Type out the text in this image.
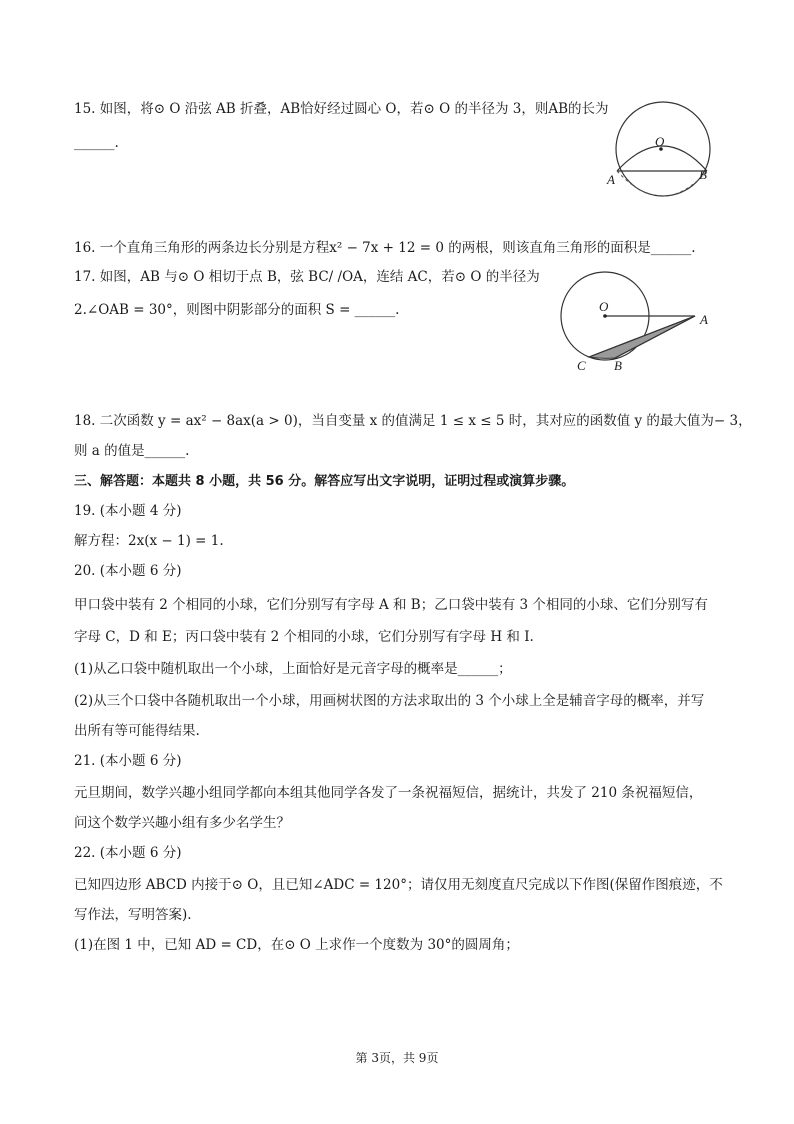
15. 如图，将⊙ O 沿弦 AB 折叠，AB恰好经过圆心 O，若⊙ O 的半径为 3，则AB的长为
______.	O
A	B
16. 一个直角三角形的两条边长分别是方程x² − 7x + 12 = 0 的两根，则该直角三角形的面积是______.
17. 如图，AB 与⊙ O 相切于点 B，弦 BC/ /OA，连结 AC，若⊙ O 的半径为
2.∠OAB = 30°，则图中阴影部分的面积 S = ______.	O
A
B
C
18. 二次函数 y = ax² − 8ax(a > 0)，当自变量 x 的值满足 1 ≤ x ≤ 5 时，其对应的函数值 y 的最大值为− 3，
则 a 的值是______.
三、解答题：本题共 8 小题，共 56 分。解答应写出文字说明，证明过程或演算步骤。
19. (本小题 4 分)
解方程：2x(x − 1) = 1.
20. (本小题 6 分)
甲口袋中装有 2 个相同的小球，它们分别写有字母 A 和 B；乙口袋中装有 3 个相同的小球、它们分别写有
字母 C，D 和 E；丙口袋中装有 2 个相同的小球，它们分别写有字母 H 和 I.
(1)从乙口袋中随机取出一个小球，上面恰好是元音字母的概率是______；
(2)从三个口袋中各随机取出一个小球，用画树状图的方法求取出的 3 个小球上全是辅音字母的概率，并写
出所有等可能得结果.
21. (本小题 6 分)
元旦期间，数学兴趣小组同学都向本组其他同学各发了一条祝福短信，据统计，共发了 210 条祝福短信，
问这个数学兴趣小组有多少名学生？
22. (本小题 6 分)
已知四边形 ABCD 内接于⊙ O，且已知∠ADC = 120°；请仅用无刻度直尺完成以下作图(保留作图痕迹，不
写作法，写明答案).
(1)在图 1 中，已知 AD = CD，在⊙ O 上求作一个度数为 30°的圆周角；
第 3页，共 9页
